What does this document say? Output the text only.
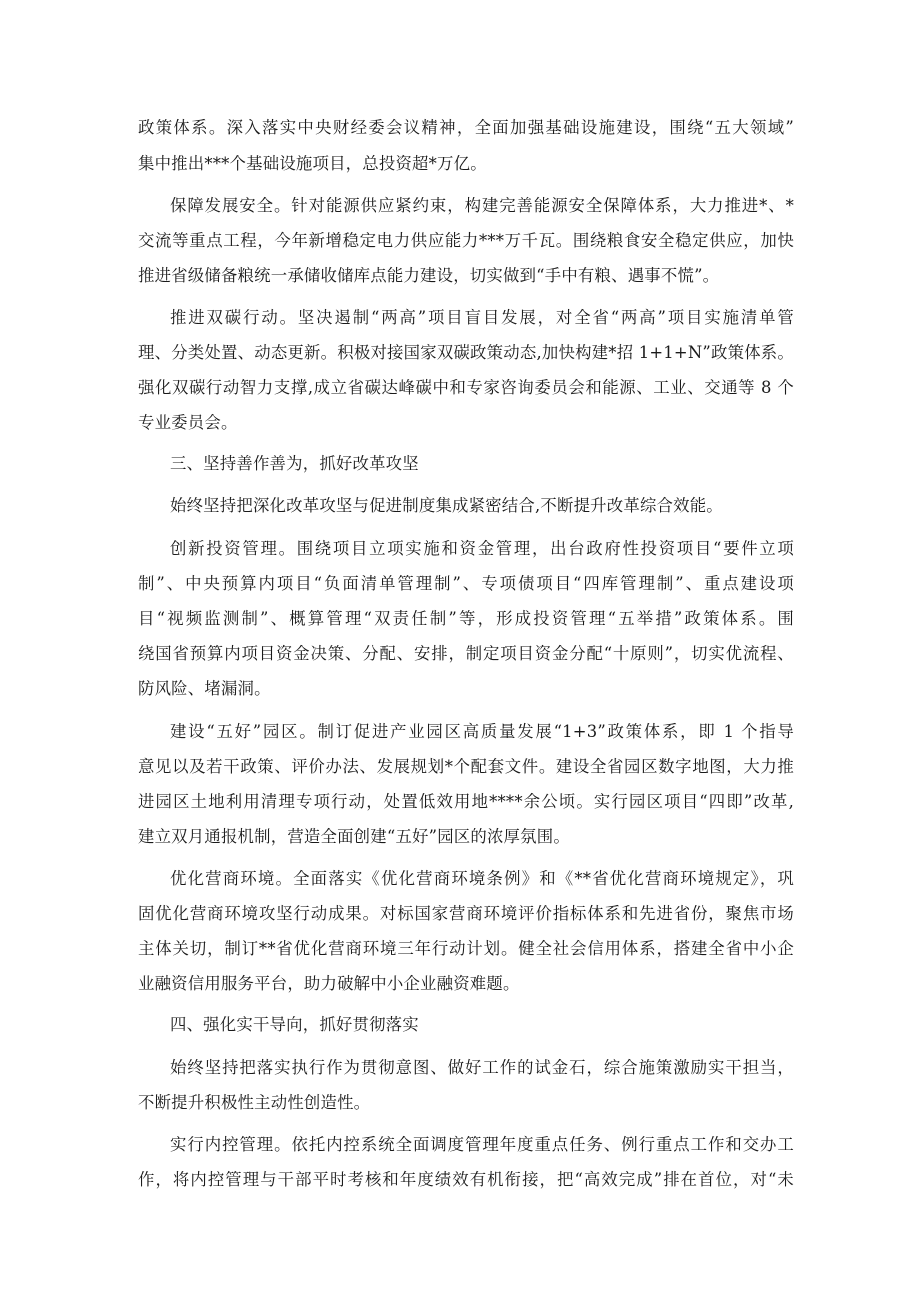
政策体系。深入落实中央财经委会议精神，全面加强基础设施建设，围绕“五大领域”
集中推出***个基础设施项目，总投资超*万亿。
保障发展安全。针对能源供应紧约束，构建完善能源安全保障体系，大力推进*、*
交流等重点工程，今年新增稳定电力供应能力***万千瓦。围绕粮食安全稳定供应，加快
推进省级储备粮统一承储收储库点能力建设，切实做到“手中有粮、遇事不慌”。
推进双碳行动。坚决遏制“两高”项目盲目发展，对全省“两高”项目实施清单管
理、分类处置、动态更新。积极对接国家双碳政策动态,加快构建*招 1+1+N”政策体系。
强化双碳行动智力支撑,成立省碳达峰碳中和专家咨询委员会和能源、工业、交通等 8 个
专业委员会。
三、坚持善作善为，抓好改革攻坚
始终坚持把深化改革攻坚与促进制度集成紧密结合,不断提升改革综合效能。
创新投资管理。围绕项目立项实施和资金管理，出台政府性投资项目“要件立项
制”、中央预算内项目“负面清单管理制”、专项债项目“四库管理制”、重点建设项
目“视频监测制”、概算管理“双责任制”等，形成投资管理“五举措”政策体系。围
绕国省预算内项目资金决策、分配、安排，制定项目资金分配“十原则”，切实优流程、
防风险、堵漏洞。
建设“五好”园区。制订促进产业园区高质量发展“1+3”政策体系，即 1 个指导
意见以及若干政策、评价办法、发展规划*个配套文件。建设全省园区数字地图，大力推
进园区土地利用清理专项行动，处置低效用地****余公顷。实行园区项目“四即”改革,
建立双月通报机制，营造全面创建“五好”园区的浓厚氛围。
优化营商环境。全面落实《优化营商环境条例》和《**省优化营商环境规定》，巩
固优化营商环境攻坚行动成果。对标国家营商环境评价指标体系和先进省份，聚焦市场
主体关切，制订**省优化营商环境三年行动计划。健全社会信用体系，搭建全省中小企
业融资信用服务平台，助力破解中小企业融资难题。
四、强化实干导向，抓好贯彻落实
始终坚持把落实执行作为贯彻意图、做好工作的试金石，综合施策激励实干担当，
不断提升积极性主动性创造性。
实行内控管理。依托内控系统全面调度管理年度重点任务、例行重点工作和交办工
作，将内控管理与干部平时考核和年度绩效有机衔接，把“高效完成”排在首位，对“未
